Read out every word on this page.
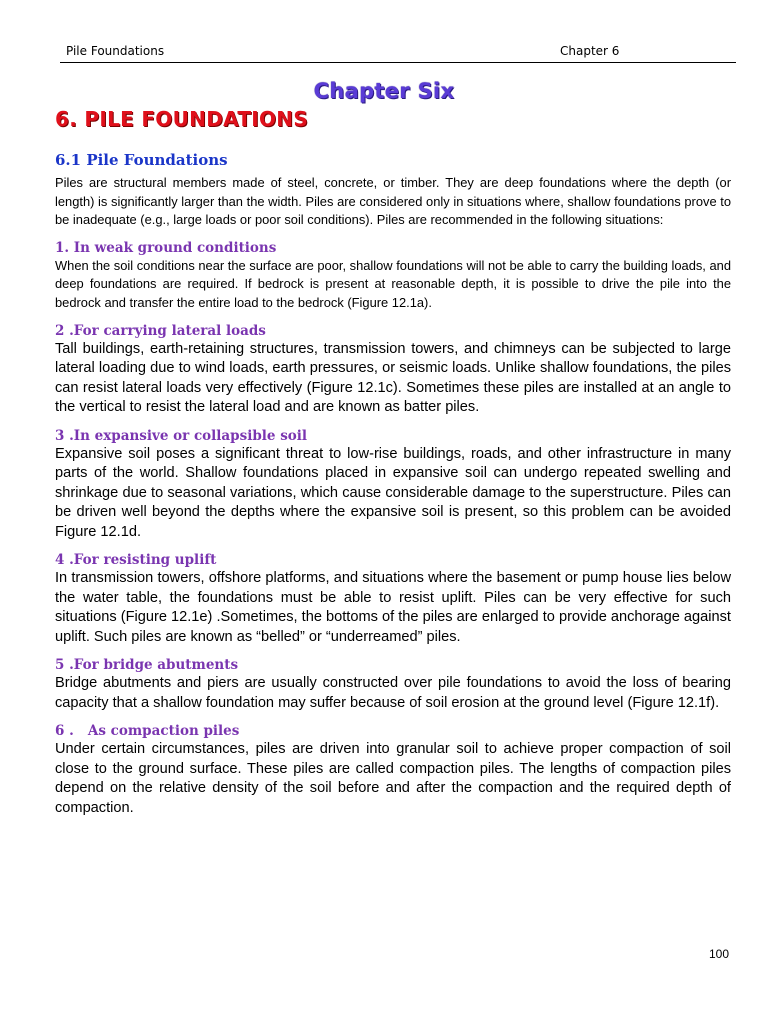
Pile Foundations	Chapter 6
Chapter Six
6. PILE FOUNDATIONS
6.1 Pile Foundations

Piles are structural members made of steel, concrete, or timber. They are deep foundations where the depth (or length) is significantly larger than the width. Piles are considered only in situations where, shallow foundations prove to be inadequate (e.g., large loads or poor soil conditions). Piles are recommended in the following situations:

1. In weak ground conditions

When the soil conditions near the surface are poor, shallow foundations will not be able to carry the building loads, and deep foundations are required. If bedrock is present at reasonable depth, it is possible to drive the pile into the bedrock and transfer the entire load to the bedrock (Figure 12.1a).

2 .For carrying lateral loads

Tall buildings, earth-retaining structures, transmission towers, and chimneys can be subjected to large lateral loading due to wind loads, earth pressures, or seismic loads. Unlike shallow foundations, the piles can resist lateral loads very effectively (Figure 12.1c). Sometimes these piles are installed at an angle to the vertical to resist the lateral load and are known as batter piles.

3 .In expansive or collapsible soil

Expansive soil poses a significant threat to low-rise buildings, roads, and other infrastructure in many parts of the world. Shallow foundations placed in expansive soil can undergo repeated swelling and shrinkage due to seasonal variations, which cause considerable damage to the superstructure. Piles can be driven well beyond the depths where the expansive soil is present, so this problem can be avoided Figure 12.1d.

4 .For resisting uplift

In transmission towers, offshore platforms, and situations where the basement or pump house lies below the water table, the foundations must be able to resist uplift. Piles can be very effective for such situations (Figure 12.1e) .Sometimes, the bottoms of the piles are enlarged to provide anchorage against uplift. Such piles are known as “belled” or “underreamed” piles.

5 .For bridge abutments

Bridge abutments and piers are usually constructed over pile foundations to avoid the loss of bearing capacity that a shallow foundation may suffer because of soil erosion at the ground level (Figure 12.1f).

6 .   As compaction piles

Under certain circumstances, piles are driven into granular soil to achieve proper compaction of soil close to the ground surface. These piles are called compaction piles. The lengths of compaction piles depend on the relative density of the soil before and after the compaction and the required depth of compaction.

100
